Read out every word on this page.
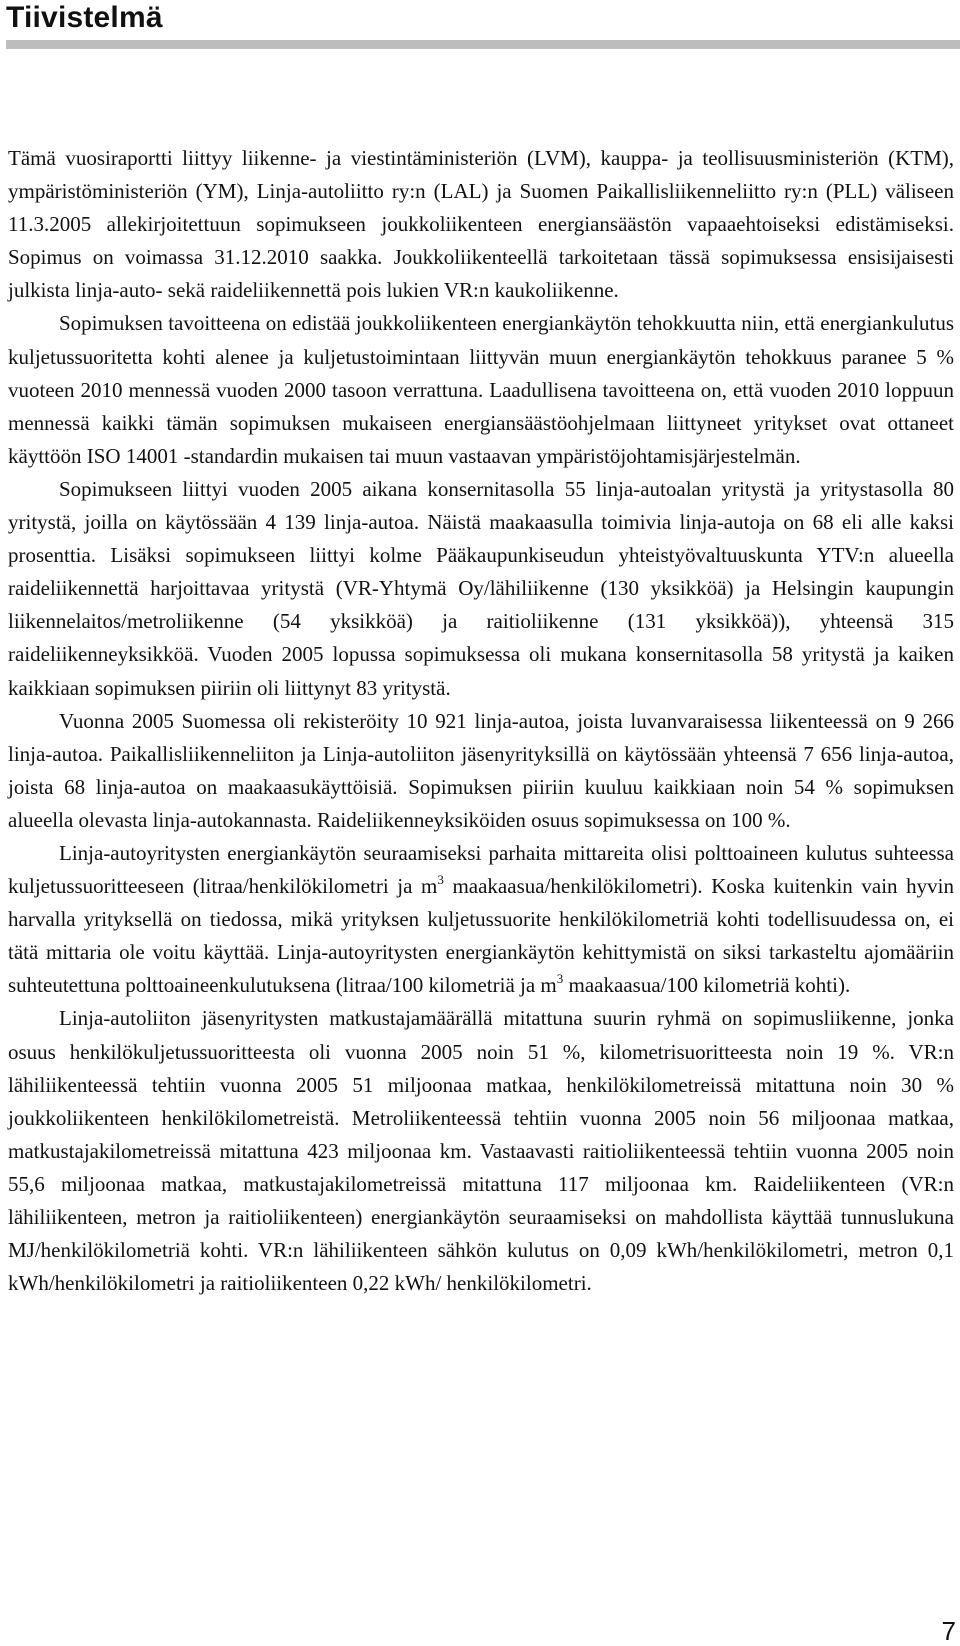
Tiivistelmä

Tämä vuosiraportti liittyy liikenne- ja viestintäministeriön (LVM), kauppa- ja teollisuusministeriön (KTM), ympäristöministeriön (YM), Linja-autoliitto ry:n (LAL) ja Suomen Paikallisliikenneliitto ry:n (PLL) väliseen 11.3.2005 allekirjoitettuun sopimukseen joukkoliikenteen energiansäästön vapaaehtoiseksi edistämiseksi. Sopimus on voimassa 31.12.2010 saakka. Joukkoliikenteellä tarkoitetaan tässä sopimuksessa ensisijaisesti julkista linja-auto- sekä raideliikennettä pois lukien VR:n kaukoliikenne.

Sopimuksen tavoitteena on edistää joukkoliikenteen energiankäytön tehokkuutta niin, että energiankulutus kuljetussuoritetta kohti alenee ja kuljetustoimintaan liittyvän muun energiankäytön tehokkuus paranee 5 % vuoteen 2010 mennessä vuoden 2000 tasoon verrattuna. Laadullisena tavoitteena on, että vuoden 2010 loppuun mennessä kaikki tämän sopimuksen mukaiseen energiansäästöohjelmaan liittyneet yritykset ovat ottaneet käyttöön ISO 14001 -standardin mukaisen tai muun vastaavan ympäristöjohtamisjärjestelmän.

Sopimukseen liittyi vuoden 2005 aikana konsernitasolla 55 linja-autoalan yritystä ja yritystasolla 80 yritystä, joilla on käytössään 4 139 linja-autoa. Näistä maakaasulla toimivia linja-autoja on 68 eli alle kaksi prosenttia. Lisäksi sopimukseen liittyi kolme Pääkaupunkiseudun yhteistyövaltuuskunta YTV:n alueella raideliikennettä harjoittavaa yritystä (VR-Yhtymä Oy/lähiliikenne (130 yksikköä) ja Helsingin kaupungin liikennelaitos/metroliikenne (54 yksikköä) ja raitioliikenne (131 yksikköä)), yhteensä 315 raideliikenneyksikköä. Vuoden 2005 lopussa sopimuksessa oli mukana konsernitasolla 58 yritystä ja kaiken kaikkiaan sopimuksen piiriin oli liittynyt 83 yritystä.

Vuonna 2005 Suomessa oli rekisteröity 10 921 linja-autoa, joista luvanvaraisessa liikenteessä on 9 266 linja-autoa. Paikallisliikenneliiton ja Linja-autoliiton jäsenyrityksillä on käytössään yhteensä 7 656 linja-autoa, joista 68 linja-autoa on maakaasukäyttöisiä. Sopimuksen piiriin kuuluu kaikkiaan noin 54 % sopimuksen alueella olevasta linja-autokannasta. Raideliikenneyksiköiden osuus sopimuksessa on 100 %.

Linja-autoyritysten energiankäytön seuraamiseksi parhaita mittareita olisi polttoaineen kulutus suhteessa kuljetussuoritteeseen (litraa/henkilökilometri ja $m^3$ maakaasua/henkilökilometri). Koska kuitenkin vain hyvin harvalla yrityksellä on tiedossa, mikä yrityksen kuljetussuorite henkilökilometriä kohti todellisuudessa on, ei tätä mittaria ole voitu käyttää. Linja-autoyritysten energiankäytön kehittymistä on siksi tarkasteltu ajomääriin suhteutettuna polttoaineenkulutuksena (litraa/100 kilometriä ja $m^3$ maakaasua/100 kilometriä kohti).

Linja-autoliiton jäsenyritysten matkustajamäärällä mitattuna suurin ryhmä on sopimusliikenne, jonka osuus henkilökuljetussuoritteesta oli vuonna 2005 noin 51 %, kilometrisuoritteesta noin 19 %. VR:n lähiliikenteessä tehtiin vuonna 2005 51 miljoonaa matkaa, henkilökilometreissä mitattuna noin 30 % joukkoliikenteen henkilökilometreistä. Metroliikenteessä tehtiin vuonna 2005 noin 56 miljoonaa matkaa, matkustajakilometreissä mitattuna 423 miljoonaa km. Vastaavasti raitioliikenteessä tehtiin vuonna 2005 noin 55,6 miljoonaa matkaa, matkustajakilometreissä mitattuna 117 miljoonaa km. Raideliikenteen (VR:n lähiliikenteen, metron ja raitioliikenteen) energiankäytön seuraamiseksi on mahdollista käyttää tunnuslukuna MJ/henkilökilometriä kohti. VR:n lähiliikenteen sähkön kulutus on 0,09 kWh/henkilökilometri, metron 0,1 kWh/henkilökilometri ja raitioliikenteen 0,22 kWh/ henkilökilometri.

7
